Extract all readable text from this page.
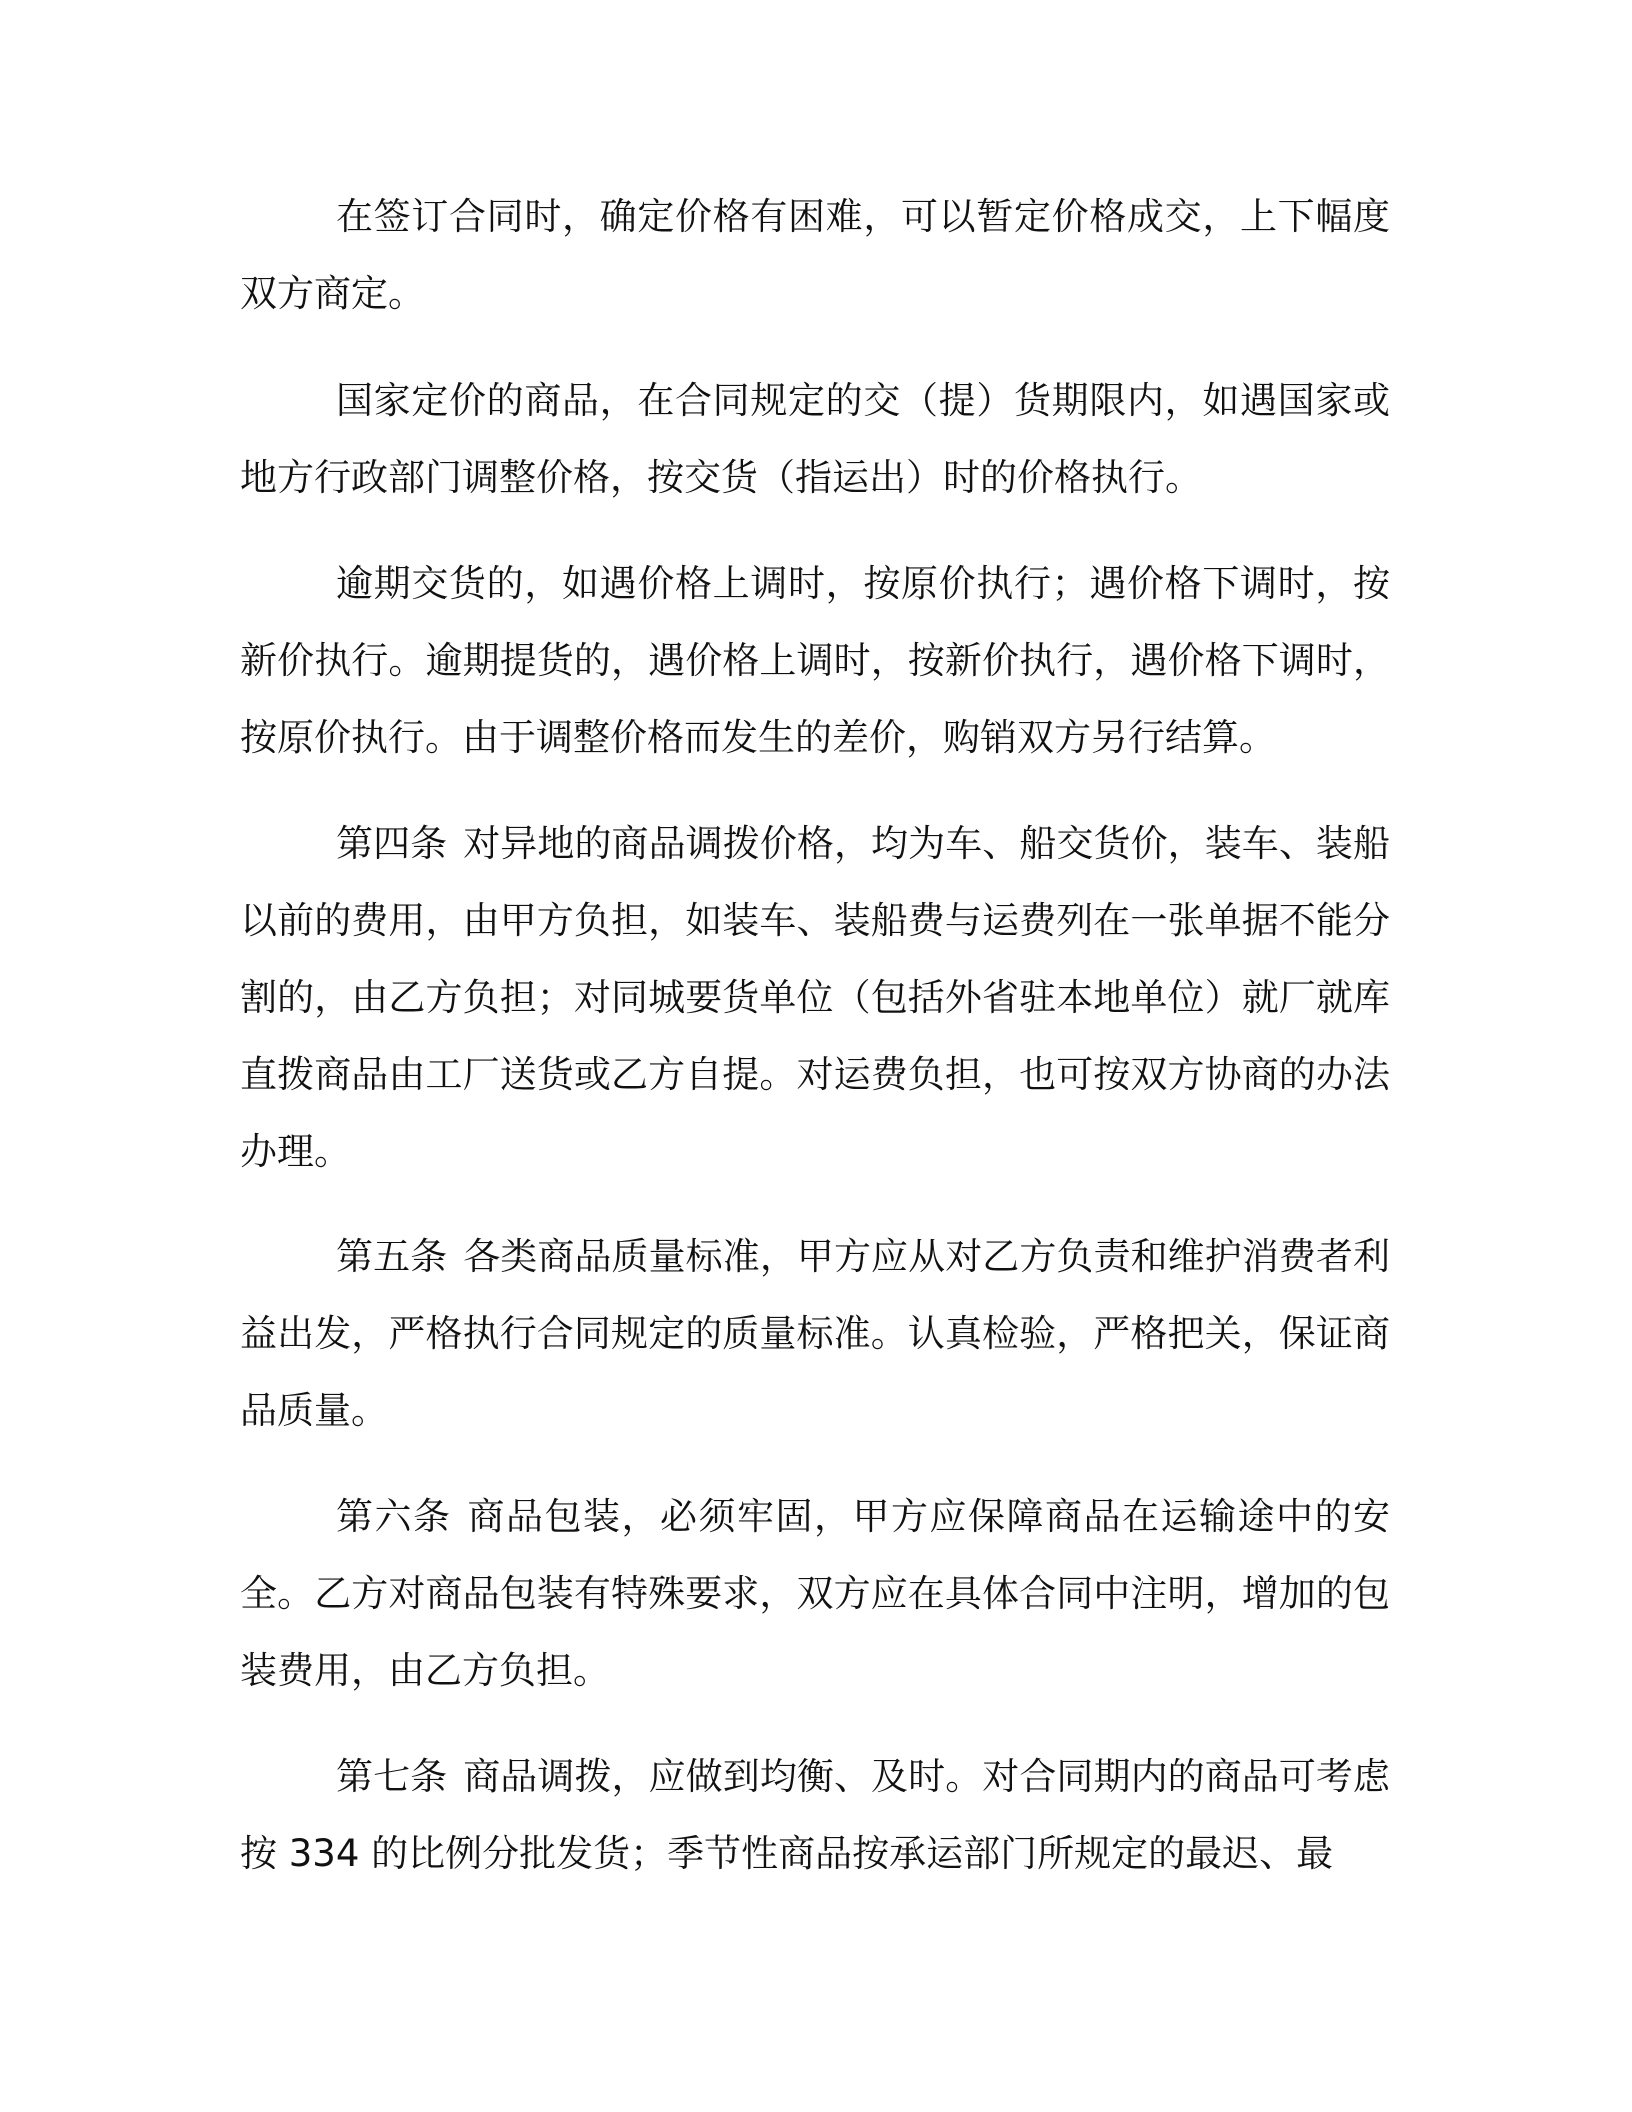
在签订合同时，确定价格有困难，可以暂定价格成交，上下幅度双方商定。

国家定价的商品，在合同规定的交（提）货期限内，如遇国家或地方行政部门调整价格，按交货（指运出）时的价格执行。

逾期交货的，如遇价格上调时，按原价执行；遇价格下调时，按新价执行。逾期提货的，遇价格上调时，按新价执行，遇价格下调时，按原价执行。由于调整价格而发生的差价，购销双方另行结算。

第四条 对异地的商品调拨价格，均为车、船交货价，装车、装船以前的费用，由甲方负担，如装车、装船费与运费列在一张单据不能分割的，由乙方负担；对同城要货单位（包括外省驻本地单位）就厂就库直拨商品由工厂送货或乙方自提。对运费负担，也可按双方协商的办法办理。

第五条 各类商品质量标准，甲方应从对乙方负责和维护消费者利益出发，严格执行合同规定的质量标准。认真检验，严格把关，保证商品质量。

第六条 商品包装，必须牢固，甲方应保障商品在运输途中的安全。乙方对商品包装有特殊要求，双方应在具体合同中注明，增加的包装费用，由乙方负担。

第七条 商品调拨，应做到均衡、及时。对合同期内的商品可考虑按 334 的比例分批发货；季节性商品按承运部门所规定的最迟、最
